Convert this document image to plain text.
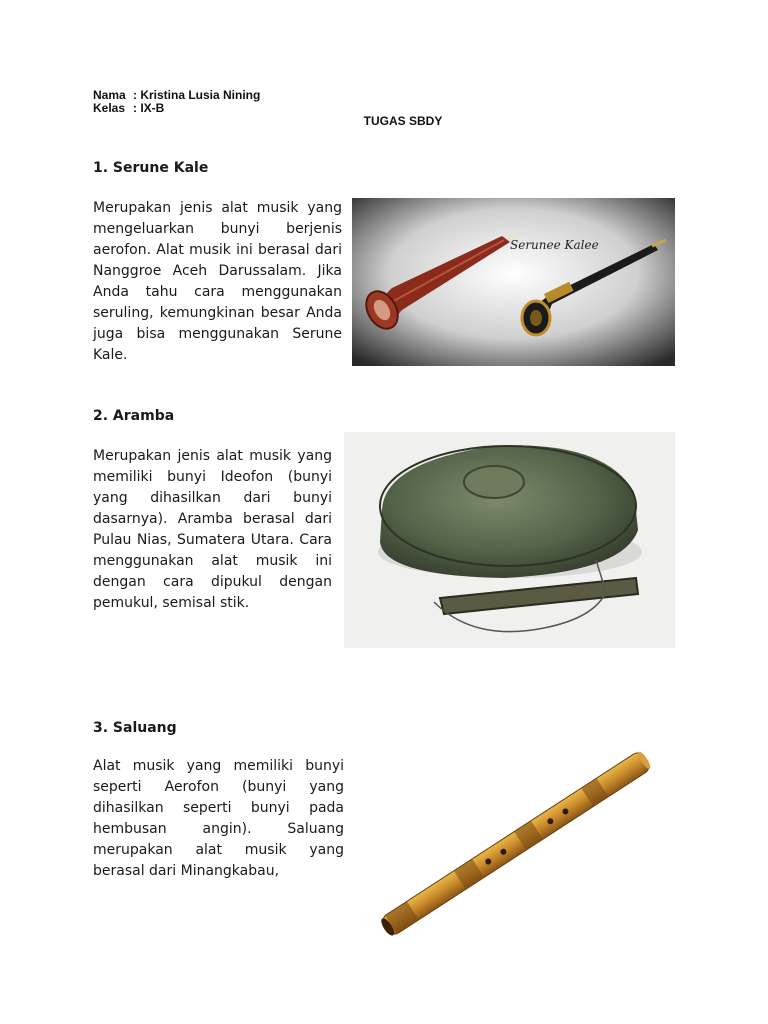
Nama : Kristina Lusia Nining
Kelas : IX-B
TUGAS SBDY
1. Serune Kale
Merupakan jenis alat musik yang mengeluarkan bunyi berjenis aerofon. Alat musik ini berasal dari Nanggroe Aceh Darussalam. Jika Anda tahu cara menggunakan seruling, kemungkinan besar Anda juga bisa menggunakan Serune Kale.
Serunee Kalee
2. Aramba
Merupakan jenis alat musik yang memiliki bunyi Ideofon (bunyi yang dihasilkan dari bunyi dasarnya). Aramba berasal dari Pulau Nias, Sumatera Utara. Cara menggunakan alat musik ini dengan cara dipukul dengan pemukul, semisal stik.
3. Saluang
Alat musik yang memiliki bunyi seperti Aerofon (bunyi yang dihasilkan seperti bunyi pada hembusan angin). Saluang merupakan alat musik yang berasal dari Minangkabau,
